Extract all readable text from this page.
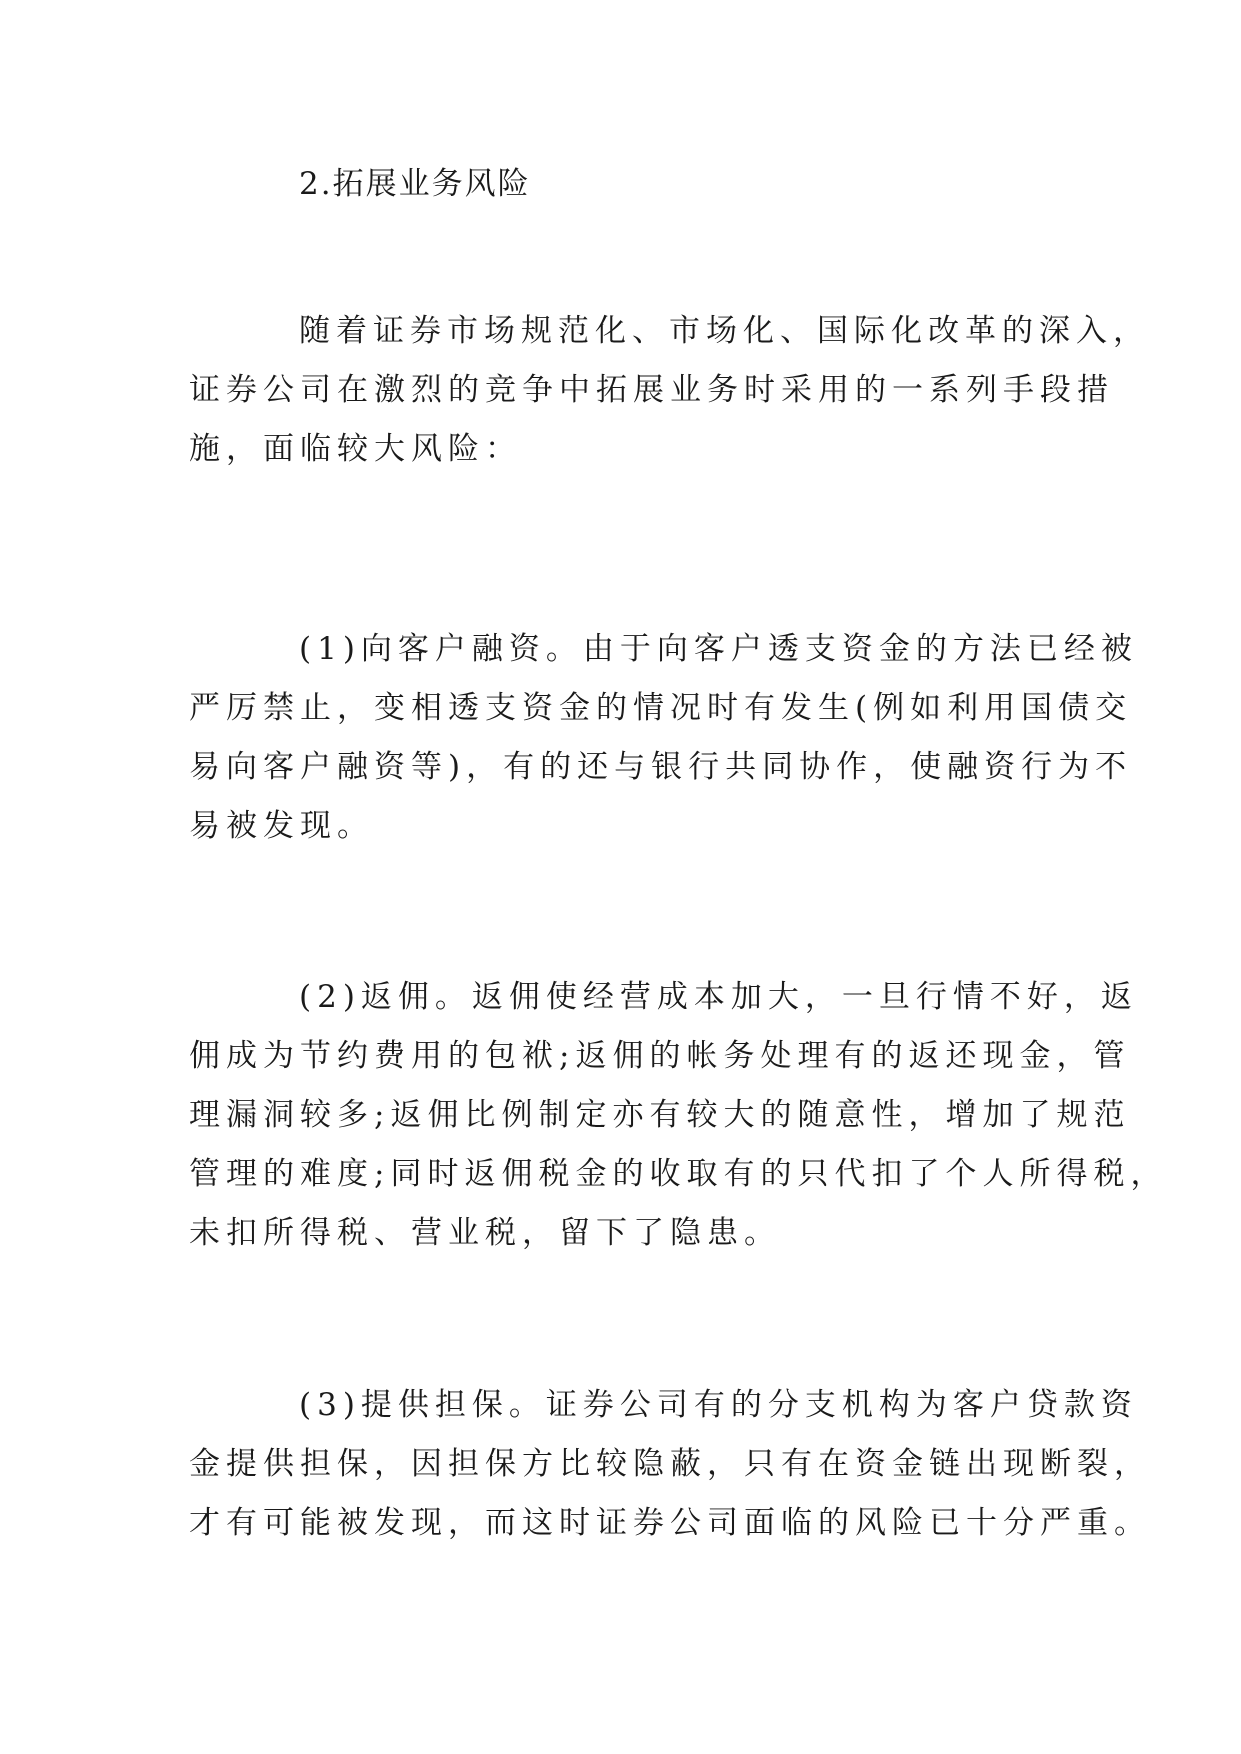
2.拓展业务风险

随着证券市场规范化、市场化、国际化改革的深入，
证券公司在激烈的竞争中拓展业务时采用的一系列手段措
施，面临较大风险：

(1)向客户融资。由于向客户透支资金的方法已经被
严厉禁止，变相透支资金的情况时有发生(例如利用国债交
易向客户融资等)，有的还与银行共同协作，使融资行为不
易被发现。

(2)返佣。返佣使经营成本加大，一旦行情不好，返
佣成为节约费用的包袱;返佣的帐务处理有的返还现金，管
理漏洞较多;返佣比例制定亦有较大的随意性，增加了规范
管理的难度;同时返佣税金的收取有的只代扣了个人所得税，
未扣所得税、营业税，留下了隐患。

(3)提供担保。证券公司有的分支机构为客户贷款资
金提供担保，因担保方比较隐蔽，只有在资金链出现断裂，
才有可能被发现，而这时证券公司面临的风险已十分严重。
